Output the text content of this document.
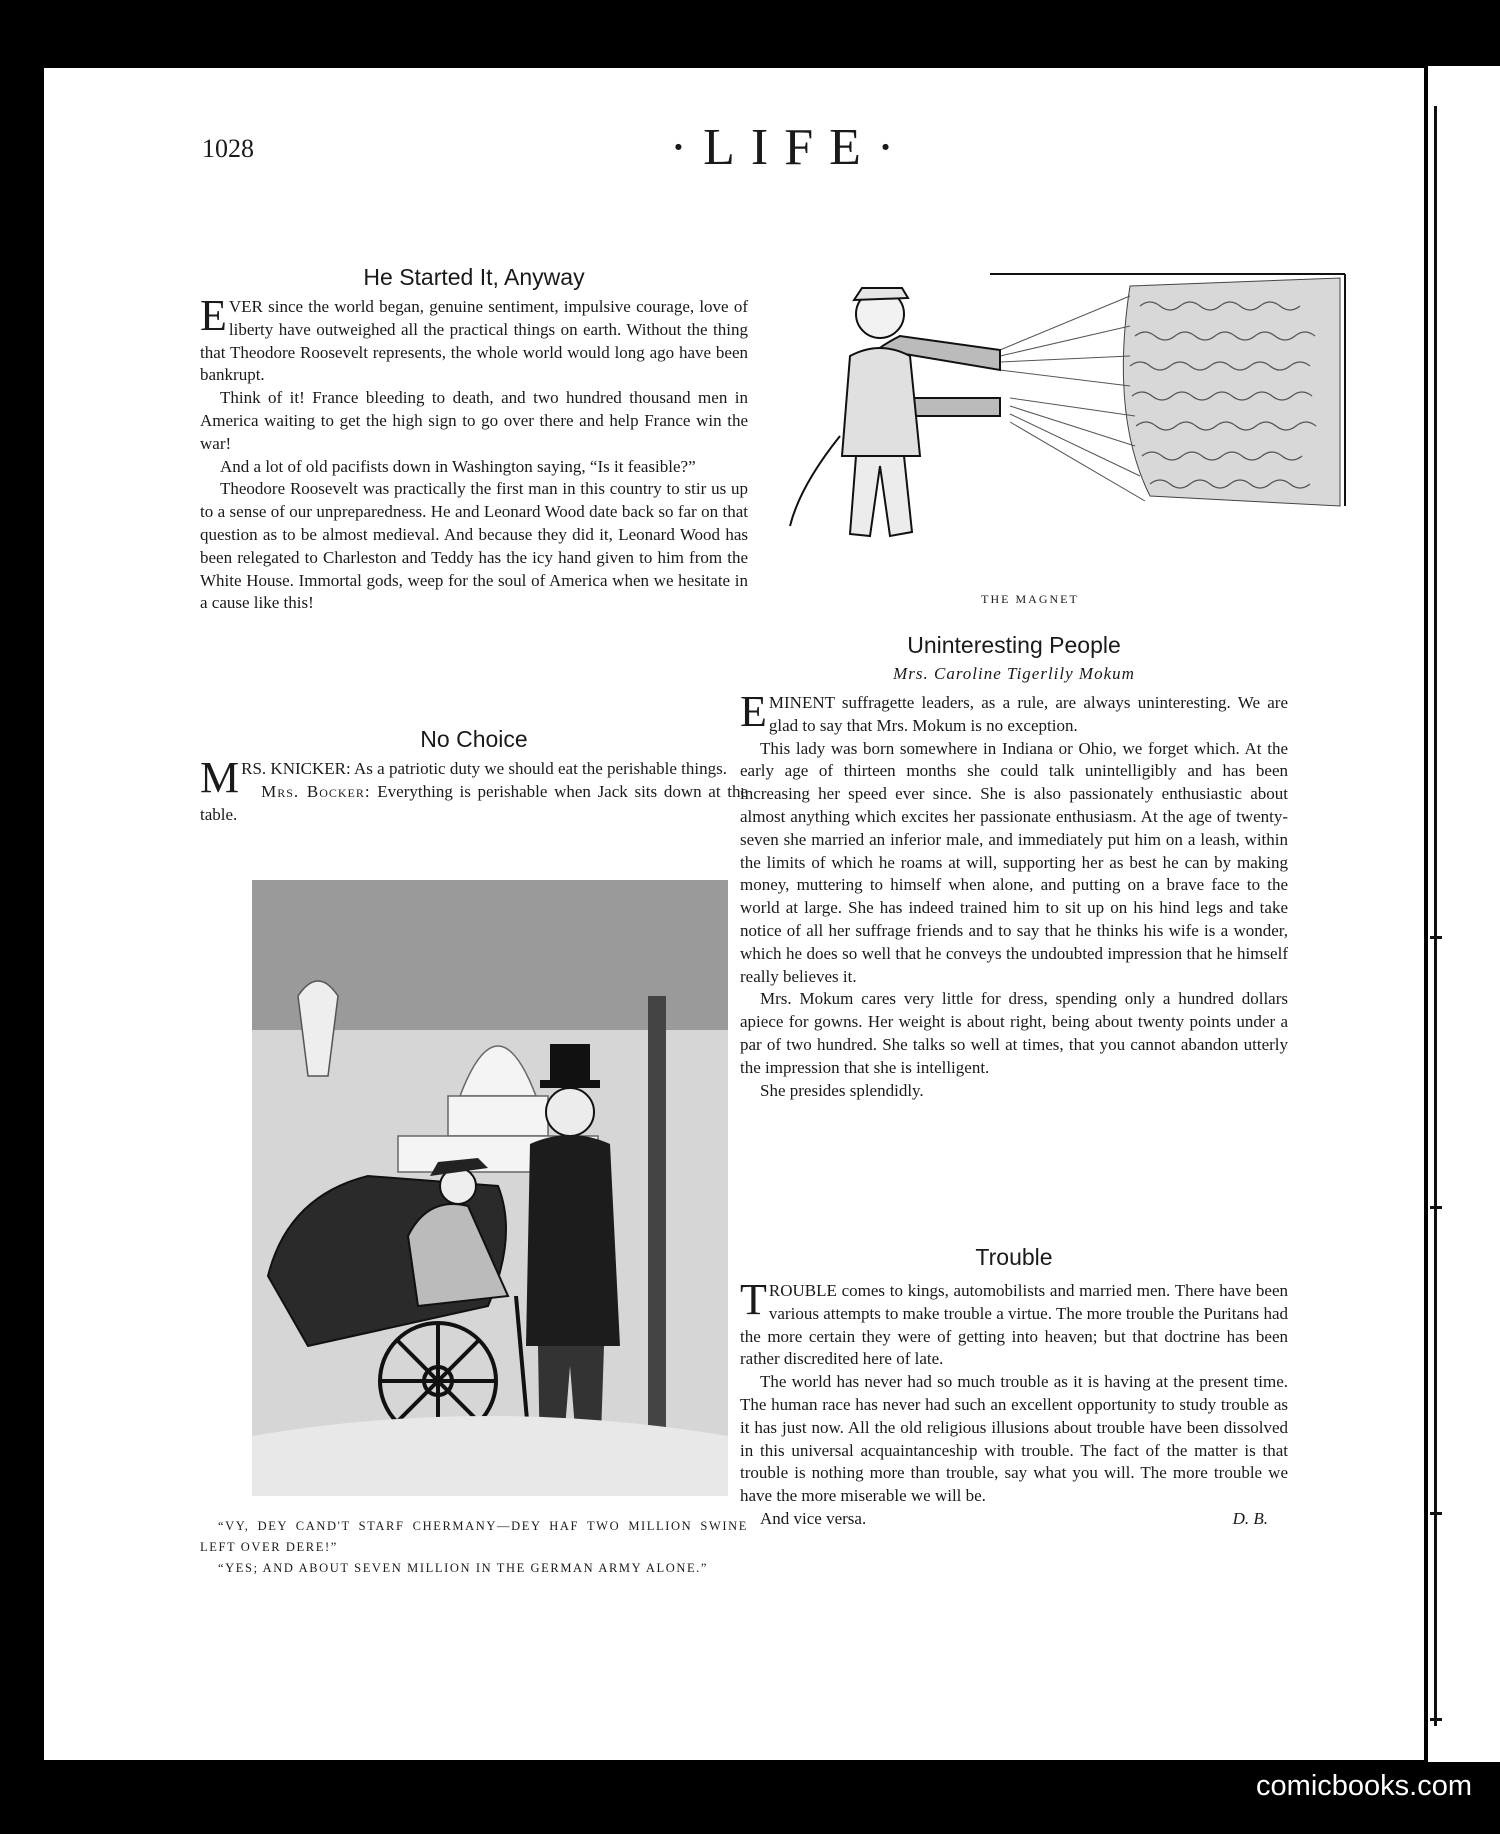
1028	·LIFE·
He Started It, Anyway

EVER since the world began, genuine sentiment, impulsive courage, love of liberty have outweighed all the practical things on earth. Without the thing that Theodore Roosevelt represents, the whole world would long ago have been bankrupt.

Think of it! France bleeding to death, and two hundred thousand men in America waiting to get the high sign to go over there and help France win the war!

And a lot of old pacifists down in Washington saying, “Is it feasible?”

Theodore Roosevelt was practically the first man in this country to stir us up to a sense of our unpreparedness. He and Leonard Wood date back so far on that question as to be almost medieval. And because they did it, Leonard Wood has been relegated to Charleston and Teddy has the icy hand given to him from the White House. Immortal gods, weep for the soul of America when we hesitate in a cause like this!

No Choice

MRS. KNICKER: As a patriotic duty we should eat the perishable things.

Mrs. Bocker: Everything is perishable when Jack sits down at the table.

THE MAGNET
Uninteresting People
Mrs. Caroline Tigerlily Mokum

EMINENT suffragette leaders, as a rule, are always uninteresting. We are glad to say that Mrs. Mokum is no exception.

This lady was born somewhere in Indiana or Ohio, we forget which. At the early age of thirteen months she could talk unintelligibly and has been increasing her speed ever since. She is also passionately enthusiastic about almost anything which excites her passionate enthusiasm. At the age of twenty-seven she married an inferior male, and immediately put him on a leash, within the limits of which he roams at will, supporting her as best he can by making money, muttering to himself when alone, and putting on a brave face to the world at large. She has indeed trained him to sit up on his hind legs and take notice of all her suffrage friends and to say that he thinks his wife is a wonder, which he does so well that he conveys the undoubted impression that he himself really believes it.

Mrs. Mokum cares very little for dress, spending only a hundred dollars apiece for gowns. Her weight is about right, being about twenty points under a par of two hundred. She talks so well at times, that you cannot abandon utterly the impression that she is intelligent.

She presides splendidly.

Trouble

TROUBLE comes to kings, automobilists and married men. There have been various attempts to make trouble a virtue. The more trouble the Puritans had the more certain they were of getting into heaven; but that doctrine has been rather discredited here of late.

The world has never had so much trouble as it is having at the present time. The human race has never had such an excellent opportunity to study trouble as it has just now. All the old religious illusions about trouble have been dissolved in this universal acquaintanceship with trouble. The fact of the matter is that trouble is nothing more than trouble, say what you will. The more trouble we have the more miserable we will be.

And vice versa.	D. B.

“VY, DEY CAND'T STARF CHERMANY—DEY HAF TWO MILLION SWINE LEFT OVER DERE!”

“YES; AND ABOUT SEVEN MILLION IN THE GERMAN ARMY ALONE.”

comicbooks.com
